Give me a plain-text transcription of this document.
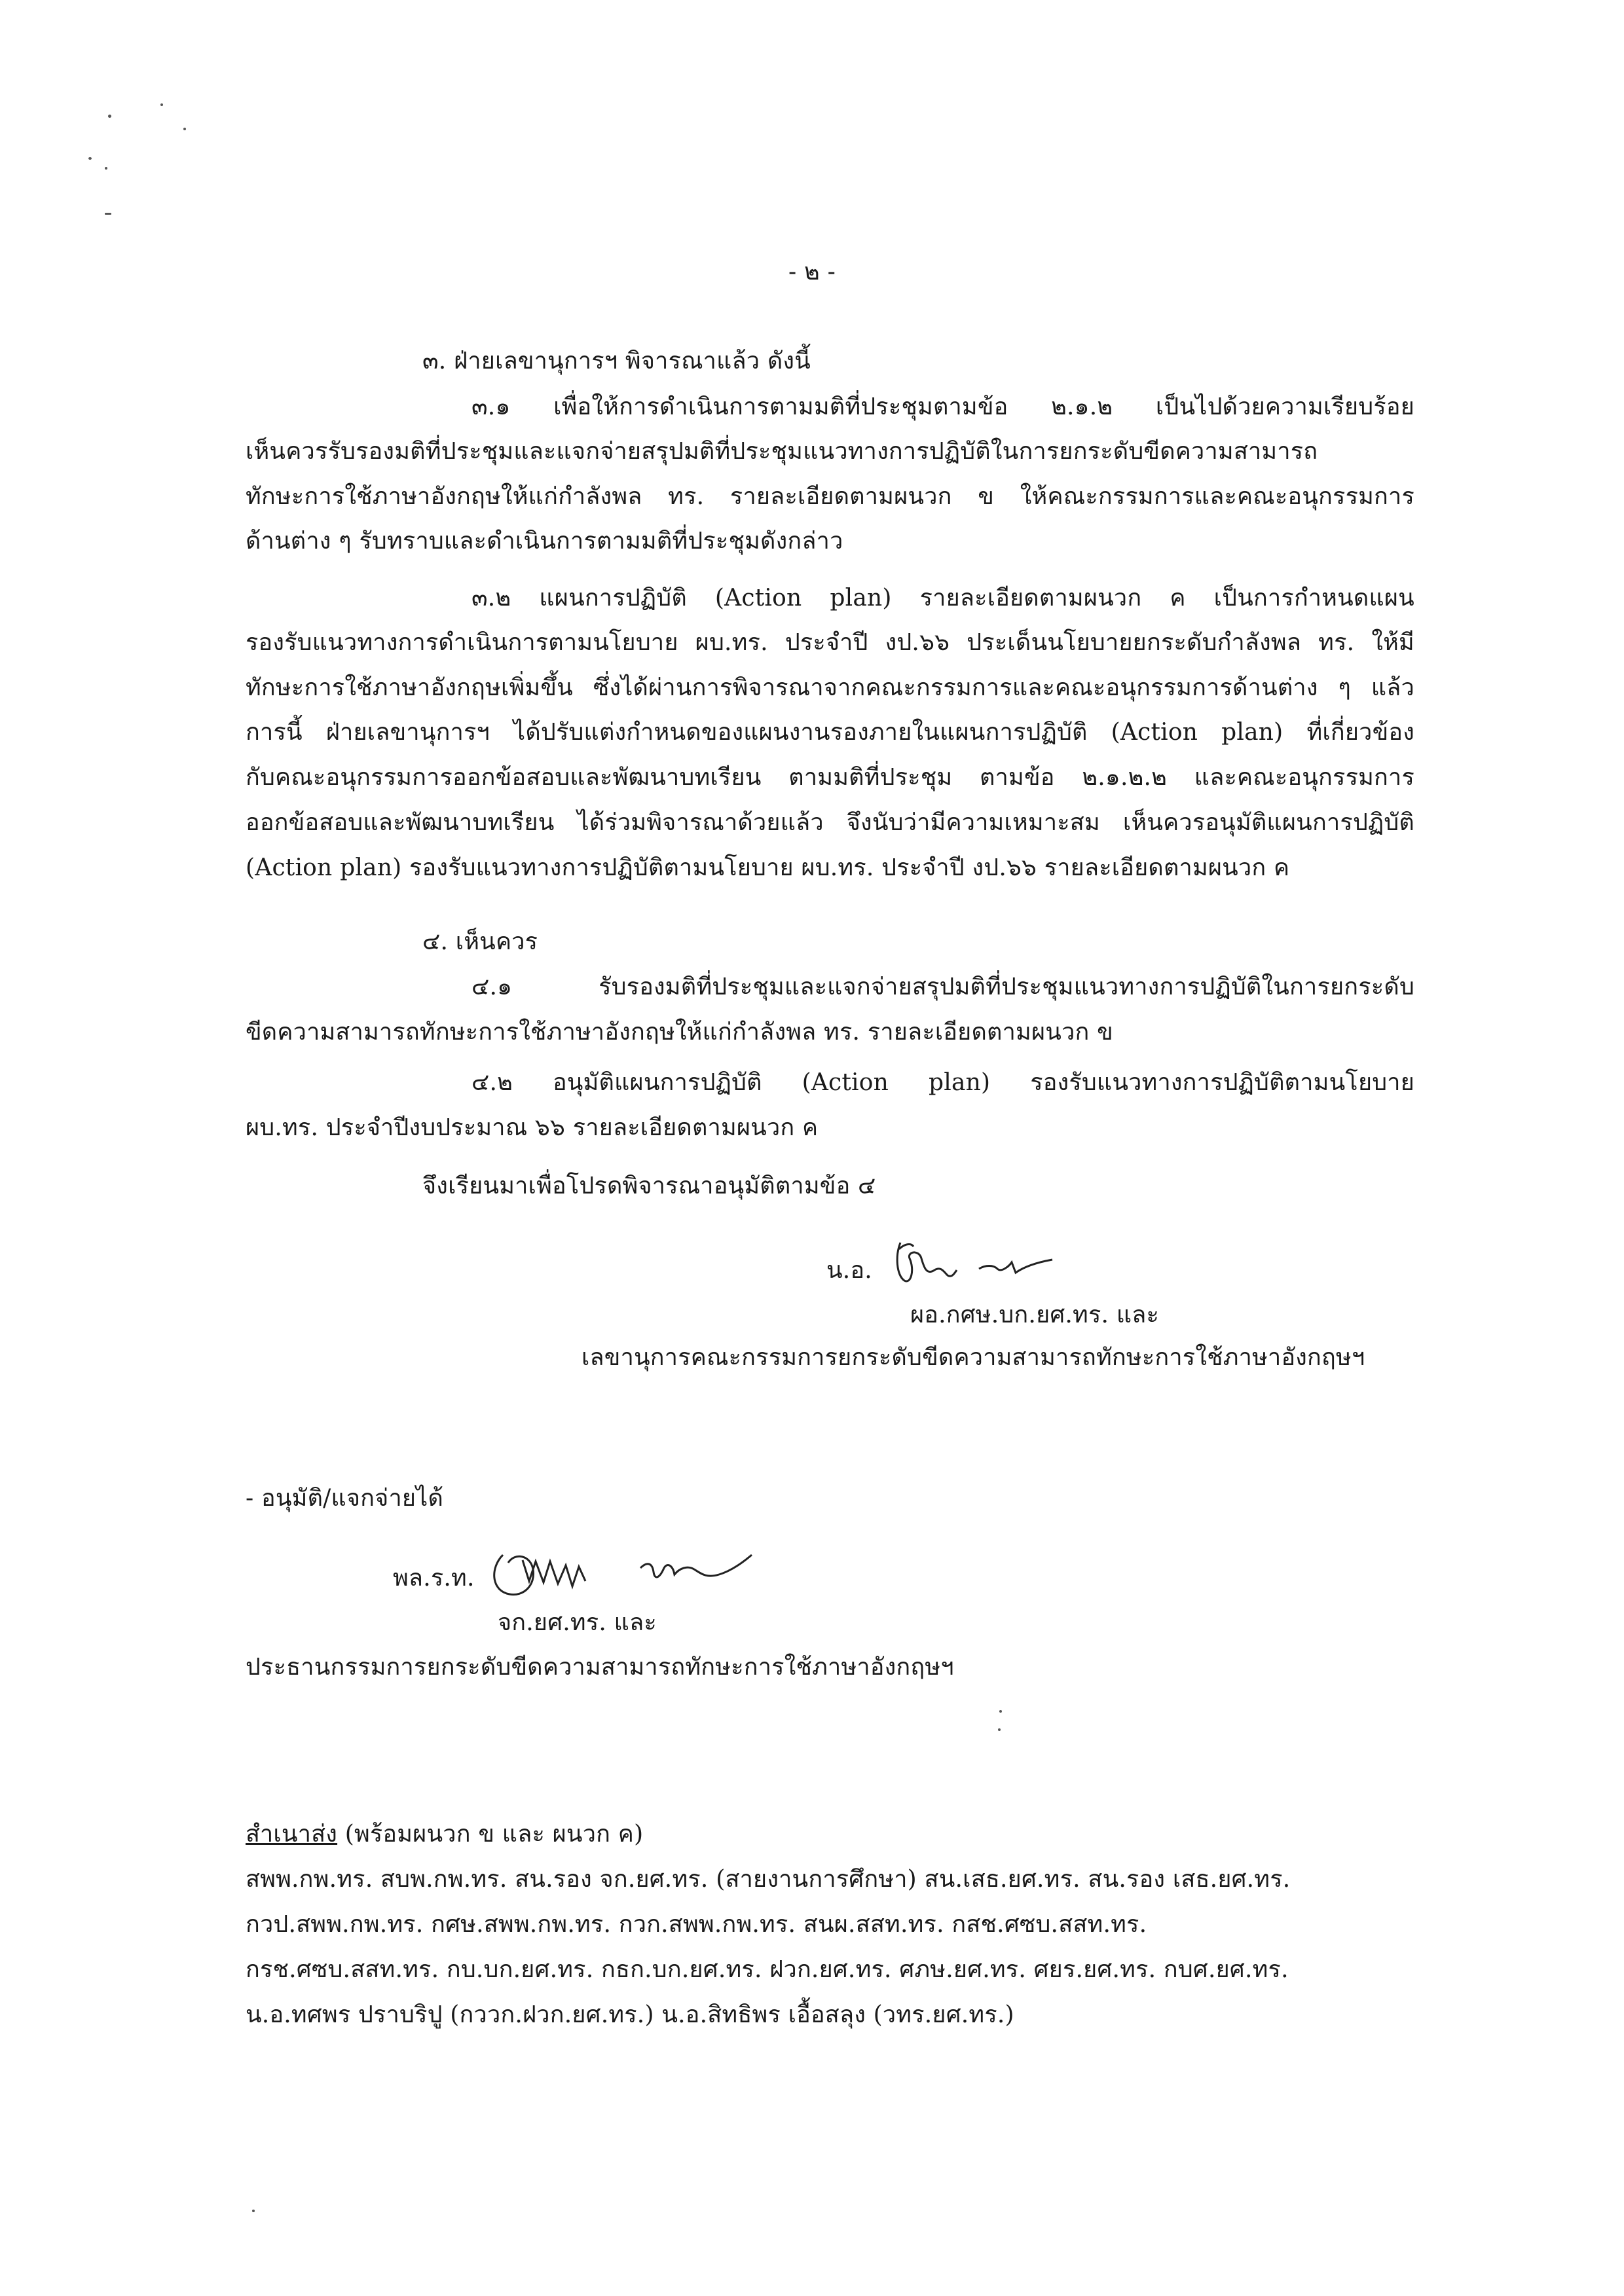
- ๒ -
๓. ฝ่ายเลขานุการฯ พิจารณาแล้ว ดังนี้
๓.๑ เพื่อให้การดำเนินการตามมติที่ประชุมตามข้อ ๒.๑.๒ เป็นไปด้วยความเรียบร้อย
เห็นควรรับรองมติที่ประชุมและแจกจ่ายสรุปมติที่ประชุมแนวทางการปฏิบัติในการยกระดับขีดความสามารถ
ทักษะการใช้ภาษาอังกฤษให้แก่กำลังพล ทร. รายละเอียดตามผนวก ข ให้คณะกรรมการและคณะอนุกรรมการ
ด้านต่าง ๆ รับทราบและดำเนินการตามมติที่ประชุมดังกล่าว
๓.๒ แผนการปฏิบัติ (Action plan) รายละเอียดตามผนวก ค เป็นการกำหนดแผน
รองรับแนวทางการดำเนินการตามนโยบาย ผบ.ทร. ประจำปี งป.๖๖ ประเด็นนโยบายยกระดับกำลังพล ทร. ให้มี
ทักษะการใช้ภาษาอังกฤษเพิ่มขึ้น ซึ่งได้ผ่านการพิจารณาจากคณะกรรมการและคณะอนุกรรมการด้านต่าง ๆ แล้ว
การนี้ ฝ่ายเลขานุการฯ ได้ปรับแต่งกำหนดของแผนงานรองภายในแผนการปฏิบัติ (Action plan) ที่เกี่ยวข้อง
กับคณะอนุกรรมการออกข้อสอบและพัฒนาบทเรียน ตามมติที่ประชุม ตามข้อ ๒.๑.๒.๒ และคณะอนุกรรมการ
ออกข้อสอบและพัฒนาบทเรียน ได้ร่วมพิจารณาด้วยแล้ว จึงนับว่ามีความเหมาะสม เห็นควรอนุมัติแผนการปฏิบัติ
(Action plan) รองรับแนวทางการปฏิบัติตามนโยบาย ผบ.ทร. ประจำปี งป.๖๖ รายละเอียดตามผนวก ค
๔. เห็นควร
๔.๑ รับรองมติที่ประชุมและแจกจ่ายสรุปมติที่ประชุมแนวทางการปฏิบัติในการยกระดับ
ขีดความสามารถทักษะการใช้ภาษาอังกฤษให้แก่กำลังพล ทร. รายละเอียดตามผนวก ข
๔.๒ อนุมัติแผนการปฏิบัติ (Action plan) รองรับแนวทางการปฏิบัติตามนโยบาย
ผบ.ทร. ประจำปีงบประมาณ ๖๖ รายละเอียดตามผนวก ค
จึงเรียนมาเพื่อโปรดพิจารณาอนุมัติตามข้อ ๔
น.อ.
ผอ.กศษ.บก.ยศ.ทร. และ
เลขานุการคณะกรรมการยกระดับขีดความสามารถทักษะการใช้ภาษาอังกฤษฯ
- อนุมัติ/แจกจ่ายได้
พล.ร.ท.
จก.ยศ.ทร. และ
ประธานกรรมการยกระดับขีดความสามารถทักษะการใช้ภาษาอังกฤษฯ
สำเนาส่ง (พร้อมผนวก ข และ ผนวก ค)
สพพ.กพ.ทร. สบพ.กพ.ทร. สน.รอง จก.ยศ.ทร. (สายงานการศึกษา) สน.เสธ.ยศ.ทร. สน.รอง เสธ.ยศ.ทร.
กวป.สพพ.กพ.ทร. กศษ.สพพ.กพ.ทร. กวก.สพพ.กพ.ทร. สนผ.สสท.ทร. กสช.ศซบ.สสท.ทร.
กรช.ศซบ.สสท.ทร. กบ.บก.ยศ.ทร. กธก.บก.ยศ.ทร. ฝวก.ยศ.ทร. ศภษ.ยศ.ทร. ศยร.ยศ.ทร. กบศ.ยศ.ทร.
น.อ.ทศพร ปราบริปู (กววก.ฝวก.ยศ.ทร.) น.อ.สิทธิพร เอื้อสลุง (วทร.ยศ.ทร.)
